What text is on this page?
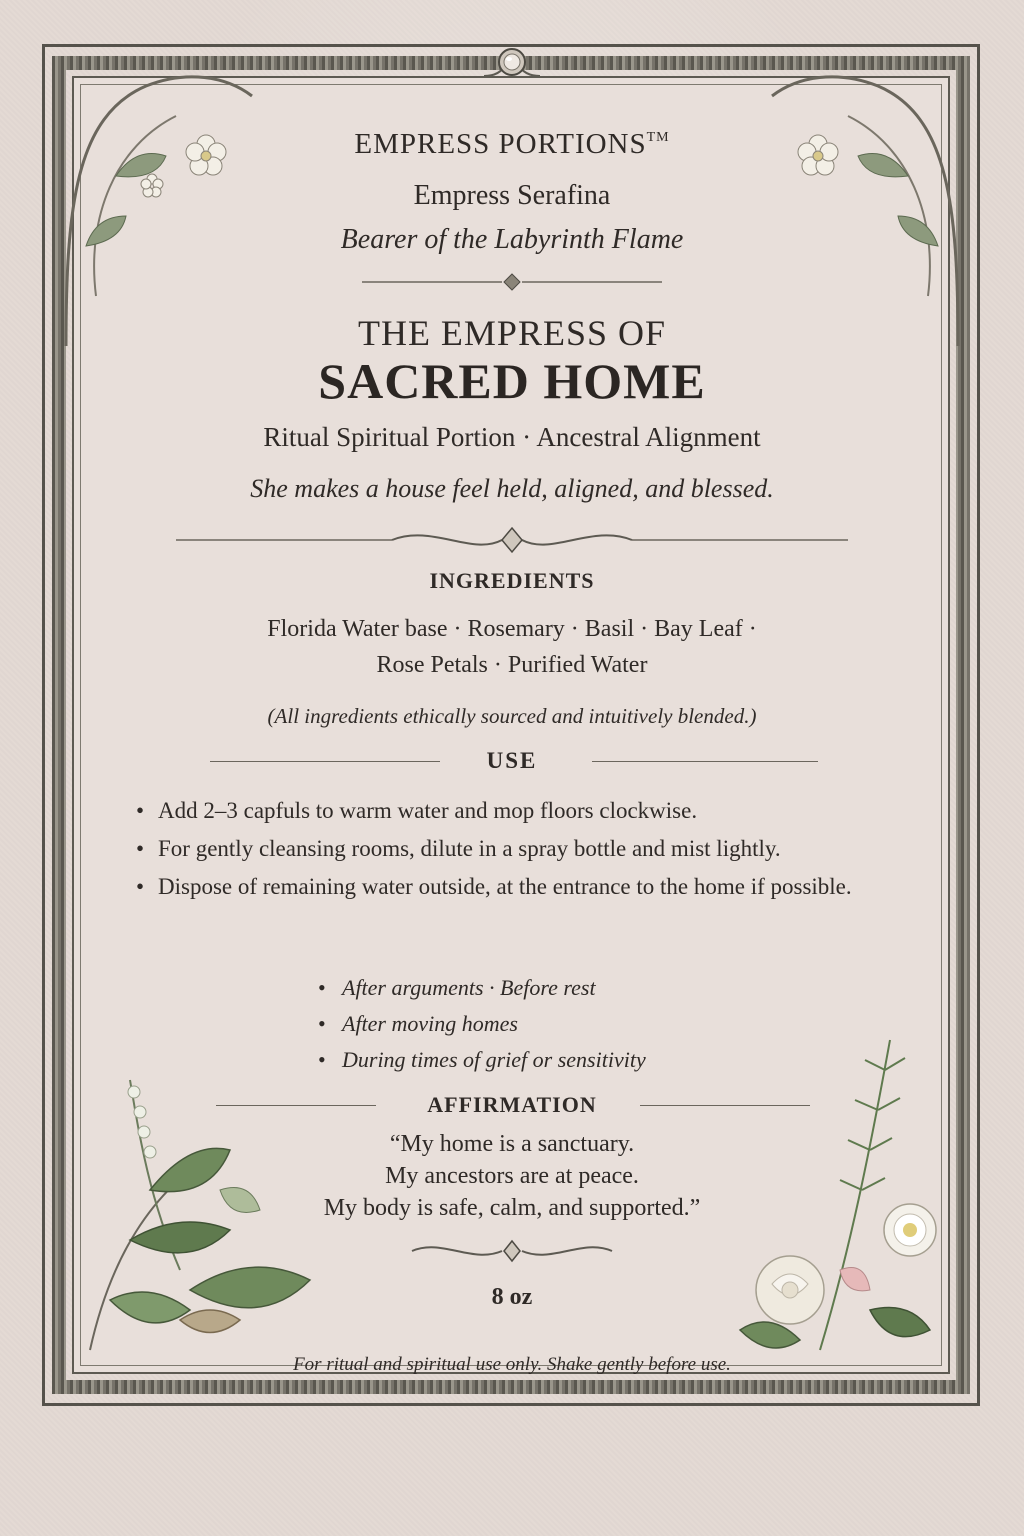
EMPRESS PORTIONS™
Empress Serafina
Bearer of the Labyrinth Flame
THE EMPRESS OF
SACRED HOME
Ritual Spiritual Portion · Ancestral Alignment
She makes a house feel held, aligned, and blessed.
INGREDIENTS
Florida Water base · Rosemary · Basil · Bay Leaf ·
Rose Petals · Purified Water
(All ingredients ethically sourced and intuitively blended.)
USE
• Add 2–3 capfuls to warm water and mop floors clockwise.
• For gently cleansing rooms, dilute in a spray bottle and mist lightly.
• Dispose of remaining water outside, at the entrance to the home if possible.
• After arguments · Before rest
• After moving homes
• During times of grief or sensitivity
AFFIRMATION
“My home is a sanctuary.
My ancestors are at peace.
My body is safe, calm, and supported.”
8 oz
For ritual and spiritual use only. Shake gently before use.
